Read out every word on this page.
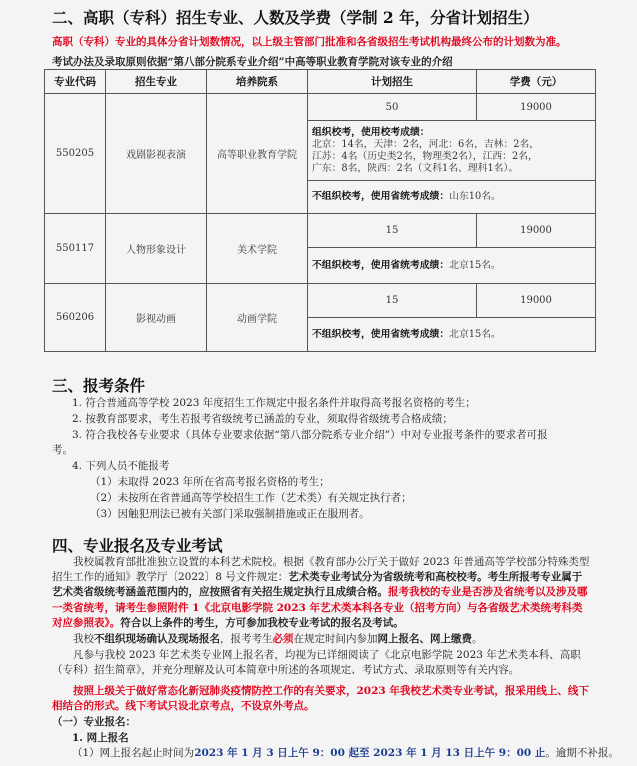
二、高职（专科）招生专业、人数及学费（学制 2 年，分省计划招生）
高职（专科）专业的具体分省计划数情况，以上级主管部门批准和各省级招生考试机构最终公布的计划数为准。
考试办法及录取原则依据“第八部分院系专业介绍”中高等职业教育学院对该专业的介绍
专业代码	招生专业	培养院系	计划招生	学费（元）
550205	戏剧影视表演	高等职业教育学院	50	19000

			组织校考，使用校考成绩：
北京：14名，天津：2名，河北：6名，吉林：2名，
江苏：4名（历史类2名，物理类2名），江西：2名，
广东：8名，陕西：2名（文科1名、理科1名）。	

			不组织校考，使用省统考成绩：山东10名。	
550117	人物形象设计	美术学院	15	19000
			不组织校考，使用省统考成绩：北京15名。	
560206	影视动画	动画学院	15	19000
			不组织校考，使用省统考成绩：北京15名。	
三、报考条件
1. 符合普通高等学校 2023 年度招生工作规定中报名条件并取得高考报名资格的考生；
2. 按教育部要求，考生若报考省级统考已涵盖的专业，须取得省级统考合格成绩；
3. 符合我校各专业要求（具体专业要求依据“第八部分院系专业介绍”）中对专业报考条件的要求者可报
考。
4. 下列人员不能报考
（1）未取得 2023 年所在省高考报名资格的考生；
（2）未按所在省普通高等学校招生工作（艺术类）有关规定执行者；
（3）因触犯刑法已被有关部门采取强制措施或正在服刑者。
四、专业报名及专业考试
我校属教育部批准独立设置的本科艺术院校。根据《教育部办公厅关于做好 2023 年普通高等学校部分特殊类型招生工作的通知》教学厅〔2022〕8 号文件规定：艺术类专业考试分为省级统考和高校校考。考生所报考专业属于艺术类省级统考涵盖范围内的，应按照省有关招生规定执行且成绩合格。报考我校的专业是否涉及省统考以及涉及哪一类省统考，请考生参照附件 1《北京电影学院 2023 年艺术类本科各专业（招考方向）与各省级艺术类统考科类对应参照表》。符合以上条件的考生，方可参加我校专业考试的报名及考试。
我校不组织现场确认及现场报名，报考考生必须在规定时间内参加网上报名、网上缴费。
凡参与我校 2023 年艺术类专业网上报名者，均视为已详细阅读了《北京电影学院 2023 年艺术类本科、高职（专科）招生简章》，并充分理解及认可本简章中所述的各项规定、考试方式、录取原则等有关内容。
按照上级关于做好常态化新冠肺炎疫情防控工作的有关要求，2023 年我校艺术类专业考试，报采用线上、线下相结合的形式。线下考试只设北京考点，不设京外考点。
（一）专业报名：
1. 网上报名
（1）网上报名起止时间为2023 年 1 月 3 日上午 9：00 起至 2023 年 1 月 13 日上午 9：00 止。逾期不补报。
